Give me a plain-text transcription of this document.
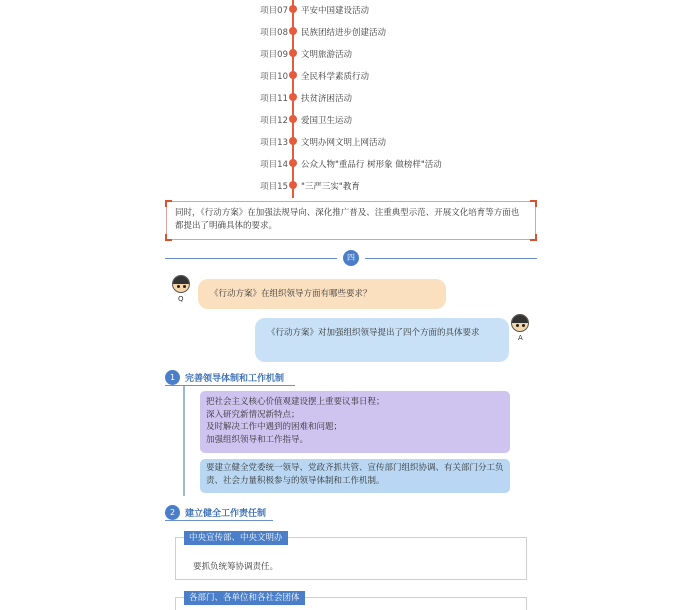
项目07 平安中国建设活动
项目08 民族团结进步创建活动
项目09 文明旅游活动
项目10 全民科学素质行动
项目11 扶贫济困活动
项目12 爱国卫生运动
项目13 文明办网文明上网活动
项目14 公众人物"重品行 树形象 做榜样"活动
项目15 "三严三实"教育
同时，《行动方案》在加强法规导向、深化推广普及、注重典型示范、开展文化培育等方面也都提出了明确具体的要求。
四
Q	《行动方案》在组织领导方面有哪些要求？
《行动方案》对加强组织领导提出了四个方面的具体要求	A
1	完善领导体制和工作机制
把社会主义核心价值观建设摆上重要议事日程；
深入研究新情况新特点；
及时解决工作中遇到的困难和问题；
加强组织领导和工作指导。
要建立健全党委统一领导、党政齐抓共管、宣传部门组织协调、有关部门分工负责、社会力量积极参与的领导体制和工作机制。
2	建立健全工作责任制
中央宣传部、中央文明办
要抓负统筹协调责任。
各部门、各单位和各社会团体
